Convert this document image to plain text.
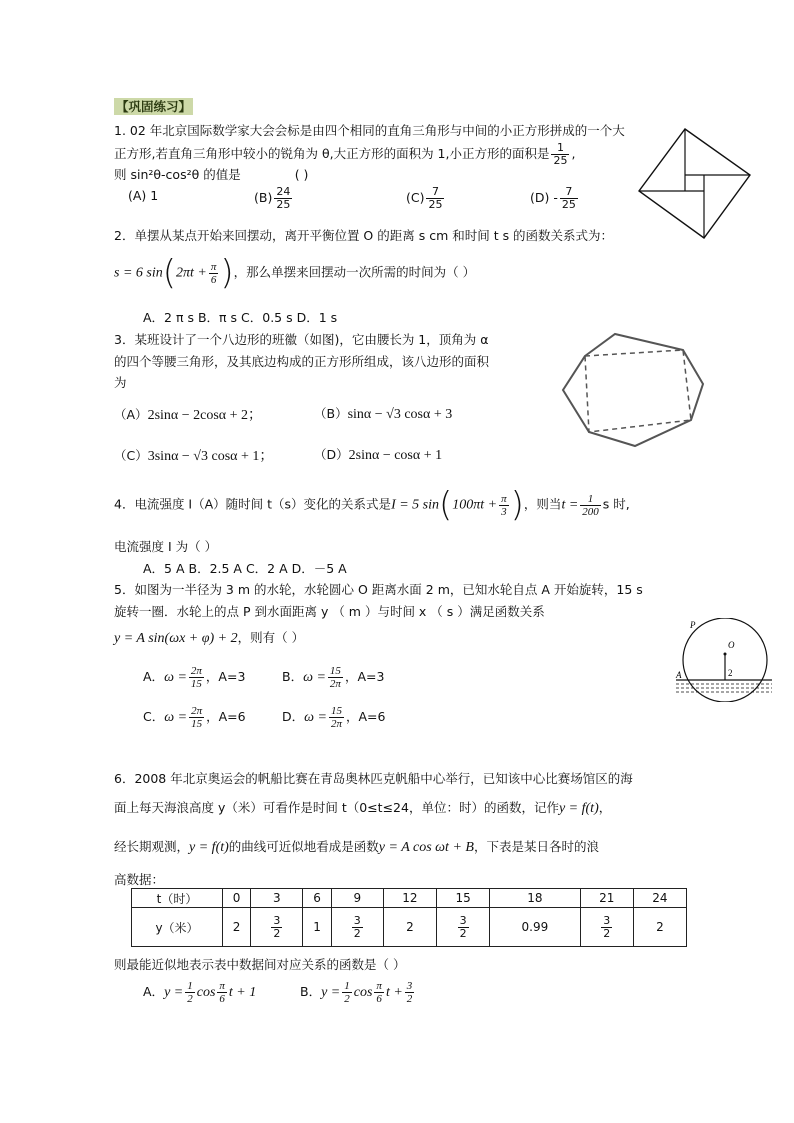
【巩固练习】
1. 02 年北京国际数学家大会会标是由四个相同的直角三角形与中间的小正方形拼成的一个大
正方形,若直角三角形中较小的锐角为 θ,大正方形的面积为 1,小正方形的面积是 $\frac{1}{25}$ ,
则 sin²θ-cos²θ 的值是	( )
(A) 1	$(B) \frac{24}{25}$	$(C) \frac{7}{25}$	$(D) - \frac{7}{25}$
2．单摆从某点开始来回摆动，离开平衡位置 O 的距离 s cm 和时间 t s 的函数关系式为：
s = 6 $\sin(2\pi t + \frac{\pi}{6}$ )，那么单摆来回摆动一次所需的时间为（ ）
A．2 π s B．π s C．0.5 s D．1 s
3．某班设计了一个八边形的班徽（如图)，它由腰长为 1，顶角为 α
的四个等腰三角形，及其底边构成的正方形所组成，该八边形的面积
为
（A）2sinα − 2cosα + 2；	（B）sinα − √3 cosα + 3
（C）3sinα − √3 cosα + 1；	（D）2sinα − cosα + 1
4．电流强度 I（A）随时间 t（s）变化的关系式是I = 5 $\sin(100\pi t + \frac{\pi}{3}$ )，则当$t = \frac{1}{200}$ s 时,
电流强度 I 为（ ）
A．5 A B．2.5 A C．2 A D．－5 A
5．如图为一半径为 3 m 的水轮，水轮圆心 O 距离水面 2 m，已知水轮自点 A 开始旋转，15 s
旋转一圈．水轮上的点 P 到水面距离 y （ m ）与时间 x （ s ）满足函数关系
y = A sin(ωx + φ) + 2，则有（ ）
A．$\omega = \frac{2\pi}{15}$ ，A=3	B．$\omega = \frac{15}{2\pi}$ ，A=3
C．$\omega = \frac{2\pi}{15}$ ，A=6	D．$\omega = \frac{15}{2\pi}$ ，A=6
P
O
2
A
6．2008 年北京奥运会的帆船比赛在青岛奥林匹克帆船中心举行，已知该中心比赛场馆区的海
面上每天海浪高度 y（米）可看作是时间 t（0≤t≤24，单位：时）的函数，记作y = f(t)，
经长期观测，y = f(t)的曲线可近似地看成是函数y = A cos ωt + B，下表是某日各时的浪
高数据：
t（时）	0	3	6	9	12	15	18	21	24
y（米）	2	$\frac{3}{2}$	1	$\frac{3}{2}$	2	$\frac{3}{2}$	0.99	$\frac{3}{2}$	2
则最能近似地表示表中数据间对应关系的函数是（ ）
A．$y = \frac{1}{2}$ $\cos \frac{\pi}{6}$ t + 1	B．$y = \frac{1}{2}$ $\cos \frac{\pi}{6}$ $t + \frac{3}{2}$
